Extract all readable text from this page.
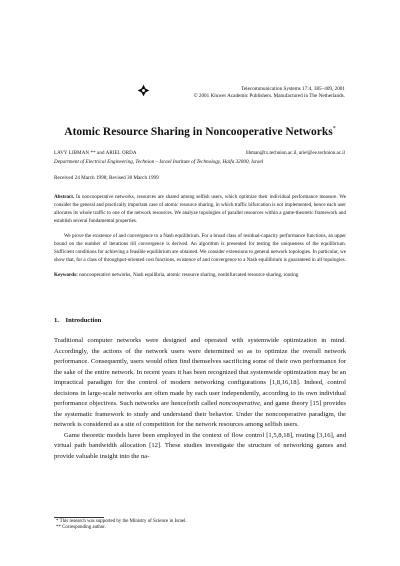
Telecommunication Systems 17:4, 385–409, 2001
© 2001 Kluwer Academic Publishers. Manufactured in The Netherlands.
Atomic Resource Sharing in Noncooperative Networks*
LAVY LIBMAN ** and ARIEL ORDA	libman@tx.technion.ac.il, ariel@ee.technion.ac.il
Department of Electrical Engineering, Technion – Israel Institute of Technology, Haifa 32000, Israel
Received 24 March 1998; Revised 30 March 1999
Abstract. In noncooperative networks, resources are shared among selfish users, which optimize their individual performance measure. We consider the general and practically important case of atomic resource sharing, in which traffic bifurcation is not implemented, hence each user allocates its whole traffic to one of the network resources. We analyze topologies of parallel resources within a game-theoretic framework and establish several fundamental properties.
We prove the existence of and convergence to a Nash equilibrium. For a broad class of residual-capacity performance functions, an upper bound on the number of iterations till convergence is derived. An algorithm is presented for testing the uniqueness of the equilibrium. Sufficient conditions for achieving a feasible equilibrium are obtained. We consider extensions to general network topologies. In particular, we show that, for a class of throughput-oriented cost functions, existence of and convergence to a Nash equilibrium is guaranteed in all topologies.
Keywords: noncooperative networks, Nash equilibria, atomic resource sharing, nonbifurcated resource sharing, routing
1. Introduction

Traditional computer networks were designed and operated with systemwide optimization in mind. Accordingly, the actions of the network users were determined so as to optimize the overall network performance. Consequently, users would often find themselves sacrificing some of their own performance for the sake of the entire network. In recent years it has been recognized that systemwide optimization may be an impractical paradigm for the control of modern networking configurations [1,8,16,18]. Indeed, control decisions in large-scale networks are often made by each user independently, according to its own individual performance objectives. Such networks are henceforth called noncooperative, and game theory [15] provides the systematic framework to study and understand their behavior. Under the noncooperative paradigm, the network is considered as a site of competition for the network resources among selfish users.

Game theoretic models have been employed in the context of flow control [1,5,8,18], routing [3,16], and virtual path bandwidth allocation [12]. These studies investigate the structure of networking games and provide valuable insight into the na-

* This research was supported by the Ministry of Science in Israel.
** Corresponding author.
